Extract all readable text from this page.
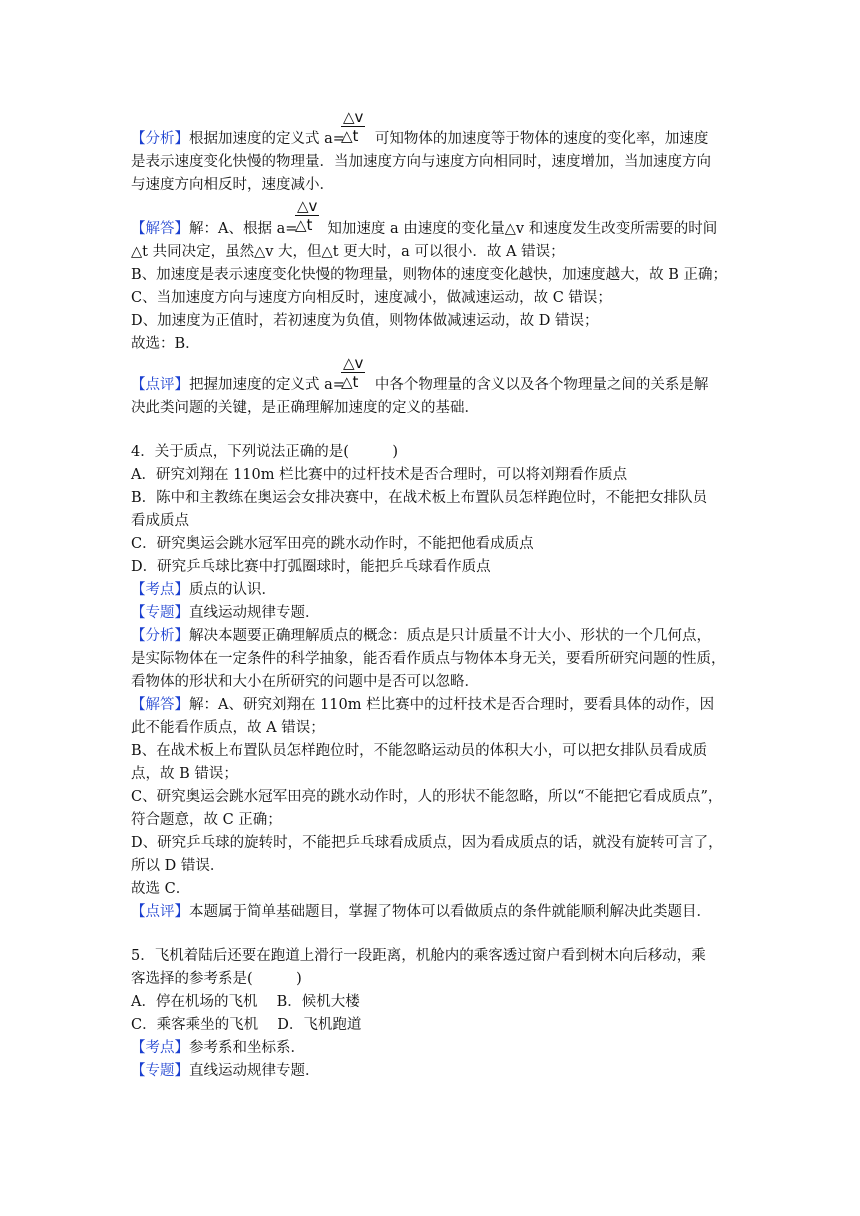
$\frac{\triangle v}{\triangle t}$
$\frac{\triangle v}{\triangle t}$
$\frac{\triangle v}{\triangle t}$
【分析】根据加速度的定义式 a= 可知物体的加速度等于物体的速度的变化率，加速度
是表示速度变化快慢的物理量．当加速度方向与速度方向相同时，速度增加，当加速度方向
与速度方向相反时，速度减小．
【解答】解：A、根据 a= 知加速度 a 由速度的变化量△v 和速度发生改变所需要的时间
△t 共同决定，虽然△v 大，但△t 更大时，a 可以很小．故 A 错误；
B、加速度是表示速度变化快慢的物理量，则物体的速度变化越快，加速度越大，故 B 正确；
C、当加速度方向与速度方向相反时，速度减小，做减速运动，故 C 错误；
D、加速度为正值时，若初速度为负值，则物体做减速运动，故 D 错误；
故选：B．
【点评】把握加速度的定义式 a= 中各个物理量的含义以及各个物理量之间的关系是解
决此类问题的关键，是正确理解加速度的定义的基础．
4．关于质点，下列说法正确的是(　　　)
A．研究刘翔在 110m 栏比赛中的过杆技术是否合理时，可以将刘翔看作质点
B．陈中和主教练在奥运会女排决赛中，在战术板上布置队员怎样跑位时，不能把女排队员
看成质点
C．研究奥运会跳水冠军田亮的跳水动作时，不能把他看成质点
D．研究乒乓球比赛中打弧圈球时，能把乒乓球看作质点
【考点】质点的认识．
【专题】直线运动规律专题．
【分析】解决本题要正确理解质点的概念：质点是只计质量不计大小、形状的一个几何点，
是实际物体在一定条件的科学抽象，能否看作质点与物体本身无关，要看所研究问题的性质，
看物体的形状和大小在所研究的问题中是否可以忽略．
【解答】解：A、研究刘翔在 110m 栏比赛中的过杆技术是否合理时，要看具体的动作，因
此不能看作质点，故 A 错误；
B、在战术板上布置队员怎样跑位时，不能忽略运动员的体积大小，可以把女排队员看成质
点，故 B 错误；
C、研究奥运会跳水冠军田亮的跳水动作时，人的形状不能忽略，所以“不能把它看成质点”，
符合题意，故 C 正确；
D、研究乒乓球的旋转时，不能把乒乓球看成质点，因为看成质点的话，就没有旋转可言了，
所以 D 错误．
故选 C．
【点评】本题属于简单基础题目，掌握了物体可以看做质点的条件就能顺利解决此类题目．
5．飞机着陆后还要在跑道上滑行一段距离，机舱内的乘客透过窗户看到树木向后移动，乘
客选择的参考系是(　　　)
A．停在机场的飞机　 B．候机大楼
C．乘客乘坐的飞机　 D．飞机跑道
【考点】参考系和坐标系．
【专题】直线运动规律专题．
